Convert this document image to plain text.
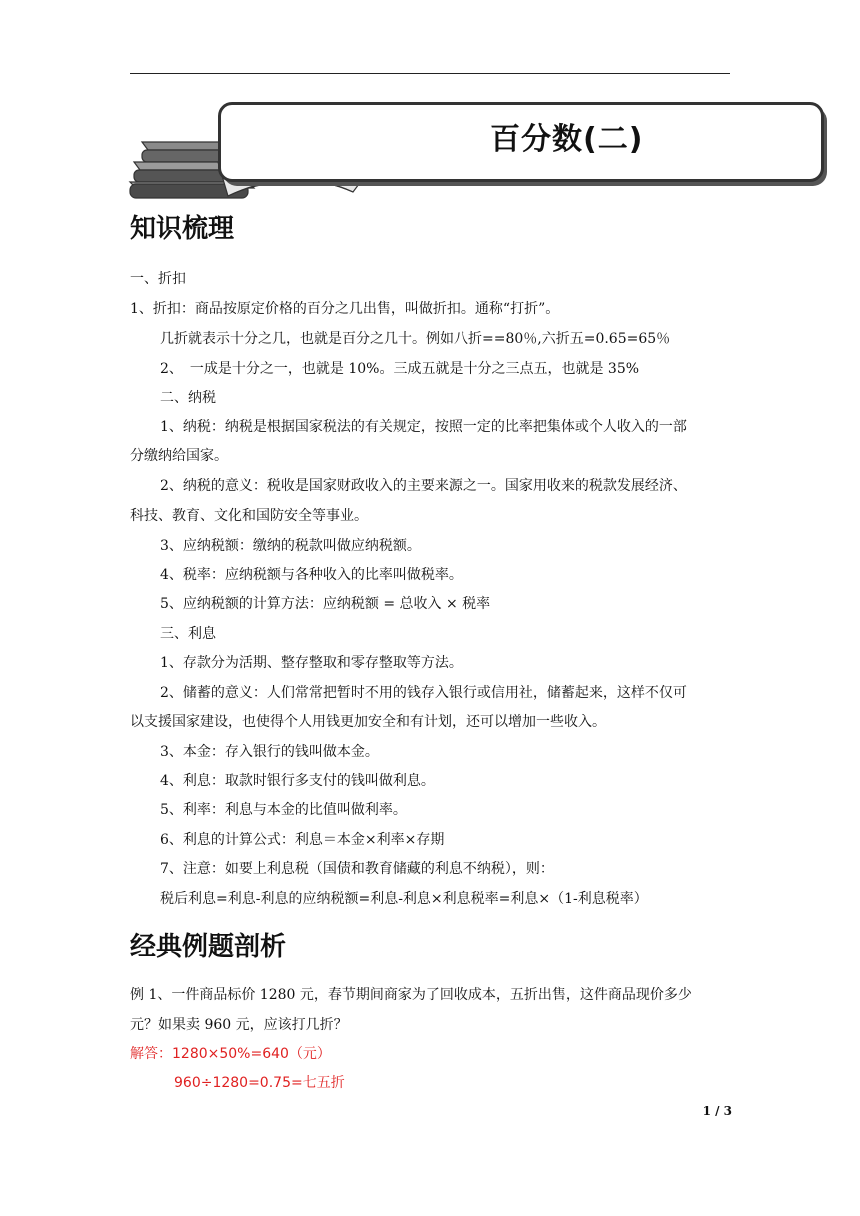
百分数(二)
知识梳理
一、折扣
1、折扣：商品按原定价格的百分之几出售，叫做折扣。通称“打折”。
几折就表示十分之几，也就是百分之几十。例如八折==80％,六折五=0.65=65％
2、　一成是十分之一，也就是 10%。三成五就是十分之三点五，也就是 35%
二、纳税
1、纳税：纳税是根据国家税法的有关规定，按照一定的比率把集体或个人收入的一部
分缴纳给国家。
2、纳税的意义：税收是国家财政收入的主要来源之一。国家用收来的税款发展经济、
科技、教育、文化和国防安全等事业。
3、应纳税额：缴纳的税款叫做应纳税额。
4、税率：应纳税额与各种收入的比率叫做税率。
5、应纳税额的计算方法：应纳税额 = 总收入 × 税率
三、利息
1、存款分为活期、整存整取和零存整取等方法。
2、储蓄的意义：人们常常把暂时不用的钱存入银行或信用社，储蓄起来，这样不仅可
以支援国家建设，也使得个人用钱更加安全和有计划，还可以增加一些收入。
3、本金：存入银行的钱叫做本金。
4、利息：取款时银行多支付的钱叫做利息。
5、利率：利息与本金的比值叫做利率。
6、利息的计算公式：利息＝本金×利率×存期
7、注意：如要上利息税（国债和教育储藏的利息不纳税），则：
税后利息=利息-利息的应纳税额=利息-利息×利息税率=利息×（1-利息税率）
经典例题剖析
例 1、一件商品标价 1280 元，春节期间商家为了回收成本，五折出售，这件商品现价多少
元？如果卖 960 元，应该打几折？
解答：1280×50%=640（元）
960÷1280=0.75=七五折
1 / 3
